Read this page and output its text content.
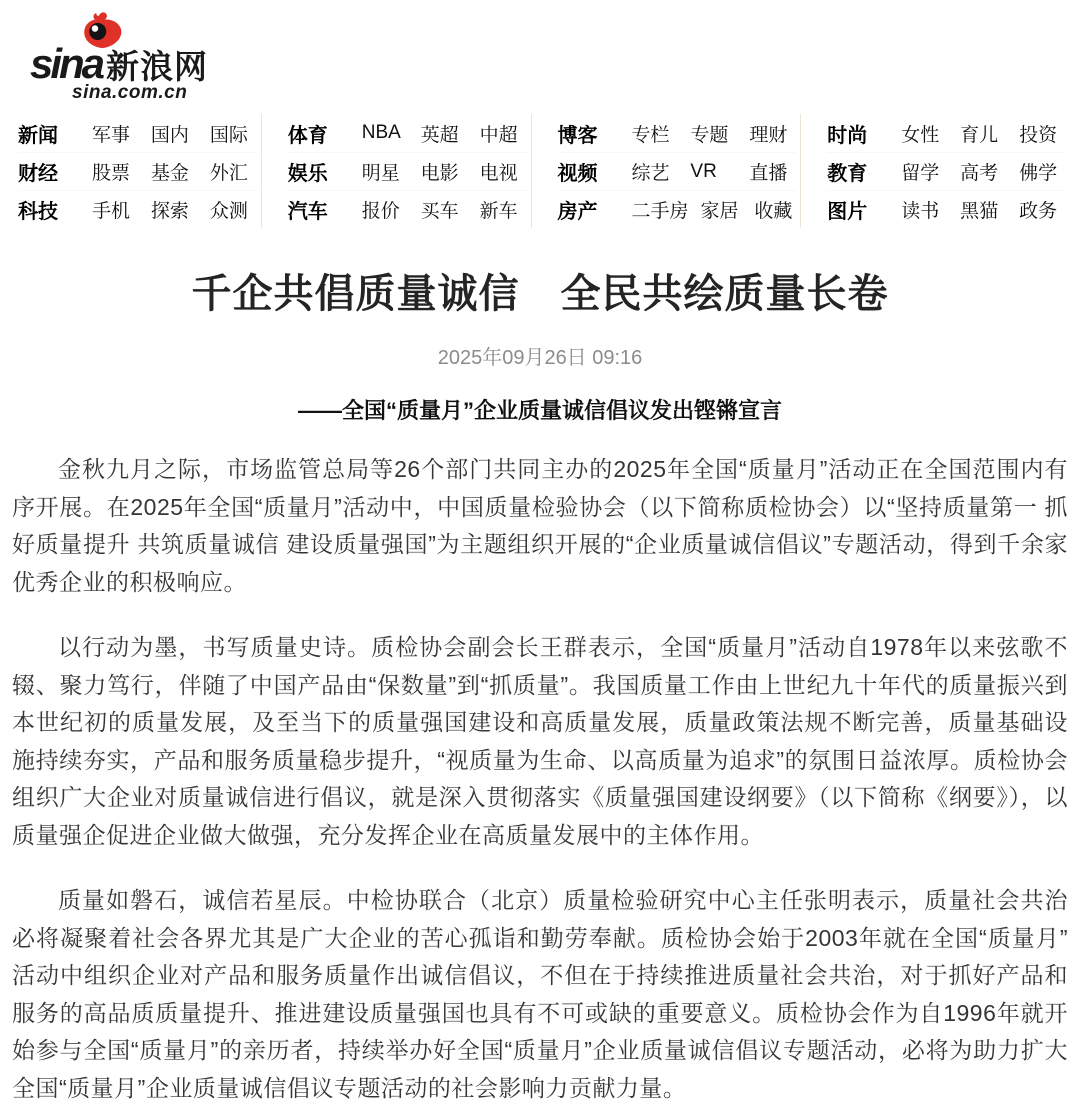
sina 新浪网
sina.com.cn
新闻	军事	国内	国际
财经	股票	基金	外汇
科技	手机	探索	众测
体育	NBA	英超	中超
娱乐	明星	电影	电视
汽车	报价	买车	新车
博客	专栏	专题	理财
视频	综艺	VR	直播
房产	二手房 家居 收藏
时尚	女性	育儿	投资
教育	留学	高考	佛学
图片	读书	黑猫	政务
千企共倡质量诚信　全民共绘质量长卷
2025年09月26日 09:16
——全国“质量月”企业质量诚信倡议发出铿锵宣言

金秋九月之际，市场监管总局等26个部门共同主办的2025年全国“质量月”活动正在全国范围内有序开展。在2025年全国“质量月”活动中，中国质量检验协会（以下简称质检协会）以“坚持质量第一 抓好质量提升 共筑质量诚信 建设质量强国”为主题组织开展的“企业质量诚信倡议”专题活动，得到千余家优秀企业的积极响应。

以行动为墨，书写质量史诗。质检协会副会长王群表示，全国“质量月”活动自1978年以来弦歌不辍、聚力笃行，伴随了中国产品由“保数量”到“抓质量”。我国质量工作由上世纪九十年代的质量振兴到本世纪初的质量发展，及至当下的质量强国建设和高质量发展，质量政策法规不断完善，质量基础设施持续夯实，产品和服务质量稳步提升，“视质量为生命、以高质量为追求”的氛围日益浓厚。质检协会组织广大企业对质量诚信进行倡议，就是深入贯彻落实《质量强国建设纲要》（以下简称《纲要》），以质量强企促进企业做大做强，充分发挥企业在高质量发展中的主体作用。

质量如磐石，诚信若星辰。中检协联合（北京）质量检验研究中心主任张明表示，质量社会共治必将凝聚着社会各界尤其是广大企业的苦心孤诣和勤劳奉献。质检协会始于2003年就在全国“质量月”活动中组织企业对产品和服务质量作出诚信倡议，不但在于持续推进质量社会共治，对于抓好产品和服务的高品质质量提升、推进建设质量强国也具有不可或缺的重要意义。质检协会作为自1996年就开始参与全国“质量月”的亲历者，持续举办好全国“质量月”企业质量诚信倡议专题活动，必将为助力扩大全国“质量月”企业质量诚信倡议专题活动的社会影响力贡献力量。
